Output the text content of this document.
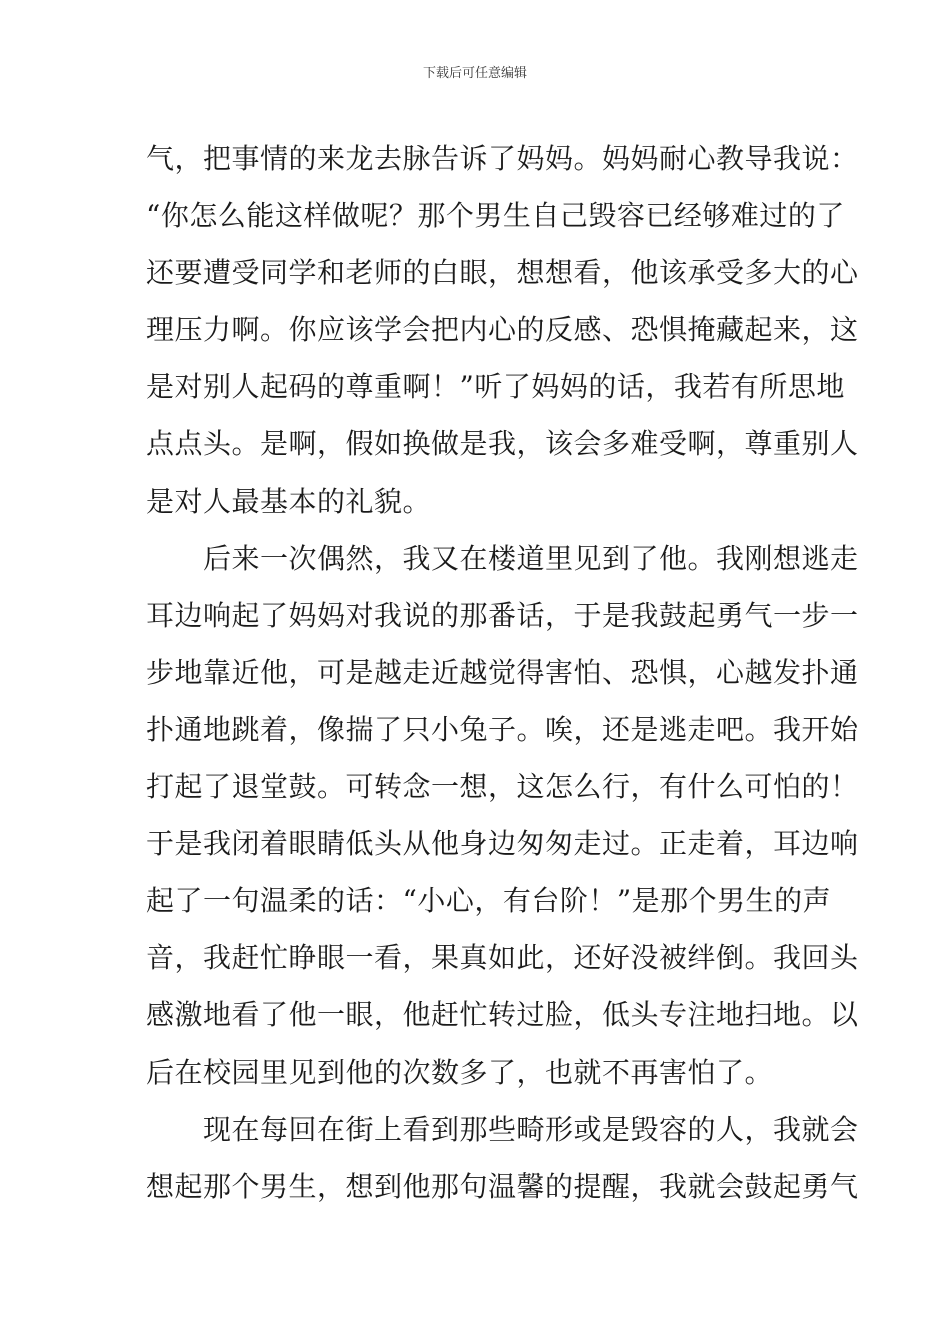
下载后可任意编辑
气，把事情的来龙去脉告诉了妈妈。妈妈耐心教导我说：
“你怎么能这样做呢？那个男生自己毁容已经够难过的了
还要遭受同学和老师的白眼，想想看，他该承受多大的心
理压力啊。你应该学会把内心的反感、恐惧掩藏起来，这
是对别人起码的尊重啊！”听了妈妈的话，我若有所思地
点点头。是啊，假如换做是我，该会多难受啊，尊重别人
是对人最基本的礼貌。
　　后来一次偶然，我又在楼道里见到了他。我刚想逃走
耳边响起了妈妈对我说的那番话，于是我鼓起勇气一步一
步地靠近他，可是越走近越觉得害怕、恐惧，心越发扑通
扑通地跳着，像揣了只小兔子。唉，还是逃走吧。我开始
打起了退堂鼓。可转念一想，这怎么行，有什么可怕的！
于是我闭着眼睛低头从他身边匆匆走过。正走着，耳边响
起了一句温柔的话：“小心，有台阶！”是那个男生的声
音，我赶忙睁眼一看，果真如此，还好没被绊倒。我回头
感激地看了他一眼，他赶忙转过脸，低头专注地扫地。以
后在校园里见到他的次数多了，也就不再害怕了。
　　现在每回在街上看到那些畸形或是毁容的人，我就会
想起那个男生，想到他那句温馨的提醒，我就会鼓起勇气
